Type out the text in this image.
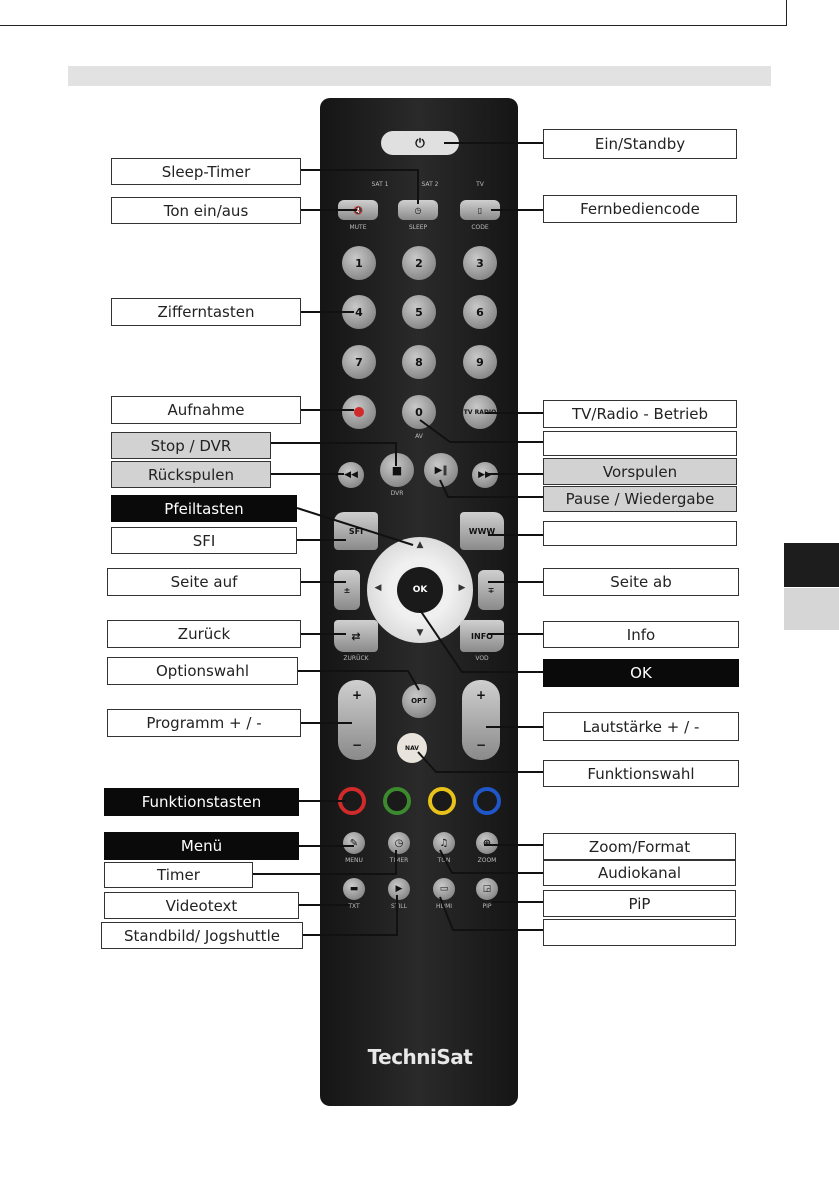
⏻
SAT 1	SAT 2	TV
🔇	◷	▯
MUTE	SLEEP	CODE
1	2	3
4	5	6
7	8	9
0	TV RADIO
AV
◀◀	■
DVR
▶‖	▶▶
SFI	WWW
±	∓
▲
▼
◀	▶
OK
⇄	INFO
ZURÜCK	VOD
OPT
+
−
+
−
NAV
✎	◷	♫	⊕
MENU	TIMER	TON	ZOOM
▬	▶	▭	◲
TXT	STILL	HDMI	PIP
TechniSat
Sleep-Timer
Ton ein/aus
Zifferntasten
Aufnahme
Stop / DVR
Rückspulen
Pfeiltasten
SFI
Seite auf
Zurück
Optionswahl
Programm + / -
Funktionstasten
Menü
Timer
Videotext
Standbild/ Jogshuttle
Ein/Standby
Fernbediencode
TV/Radio - Betrieb
Vorspulen
Pause / Wiedergabe
Seite ab
Info
OK
Lautstärke + / -
Funktionswahl
Zoom/Format
Audiokanal
PiP
